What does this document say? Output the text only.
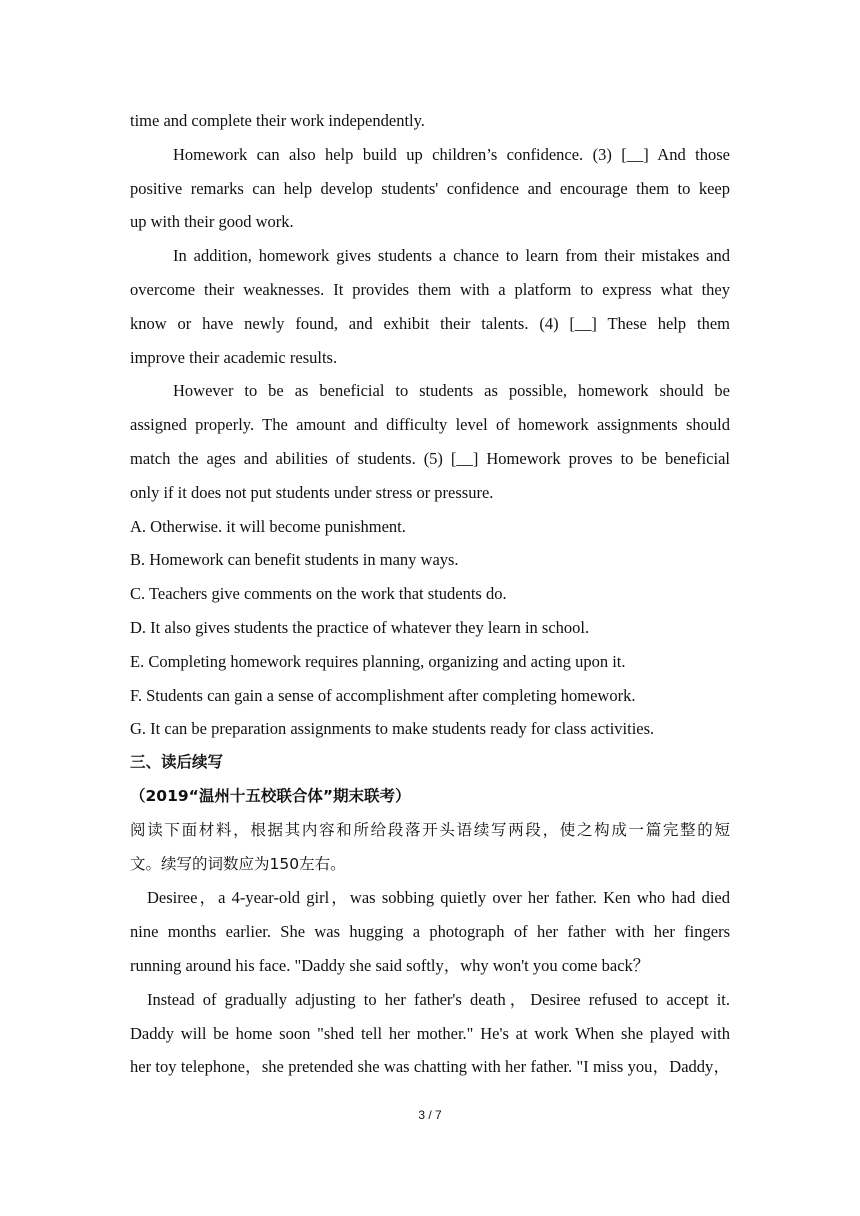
time and complete their work independently.
Homework can also help build up children’s confidence. (3) [__] And those
positive remarks can help develop students' confidence and encourage them to keep
up with their good work.
In addition, homework gives students a chance to learn from their mistakes and
overcome their weaknesses. It provides them with a platform to express what they
know or have newly found, and exhibit their talents. (4) [__] These help them
improve their academic results.
However to be as beneficial to students as possible, homework should be
assigned properly. The amount and difficulty level of homework assignments should
match the ages and abilities of students. (5) [__] Homework proves to be beneficial
only if it does not put students under stress or pressure.
A. Otherwise. it will become punishment.
B. Homework can benefit students in many ways.
C. Teachers give comments on the work that students do.
D. It also gives students the practice of whatever they learn in school.
E. Completing homework requires planning, organizing and acting upon it.
F. Students can gain a sense of accomplishment after completing homework.
G. It can be preparation assignments to make students ready for class activities.
三、读后续写
（2019“温州十五校联合体”期末联考）
阅读下面材料，根据其内容和所给段落开头语续写两段，使之构成一篇完整的短
文。续写的词数应为150左右。
Desiree，a 4-year-old girl，was sobbing quietly over her father. Ken who had died
nine months earlier. She was hugging a photograph of her father with her fingers
running around his face. "Daddy she said softly，why won't you come back？
Instead of gradually adjusting to her father's death，Desiree refused to accept it.
Daddy will be home soon "shed tell her mother." He's at work When she played with
her toy telephone，she pretended she was chatting with her father. "I miss you，Daddy，
3 / 7
